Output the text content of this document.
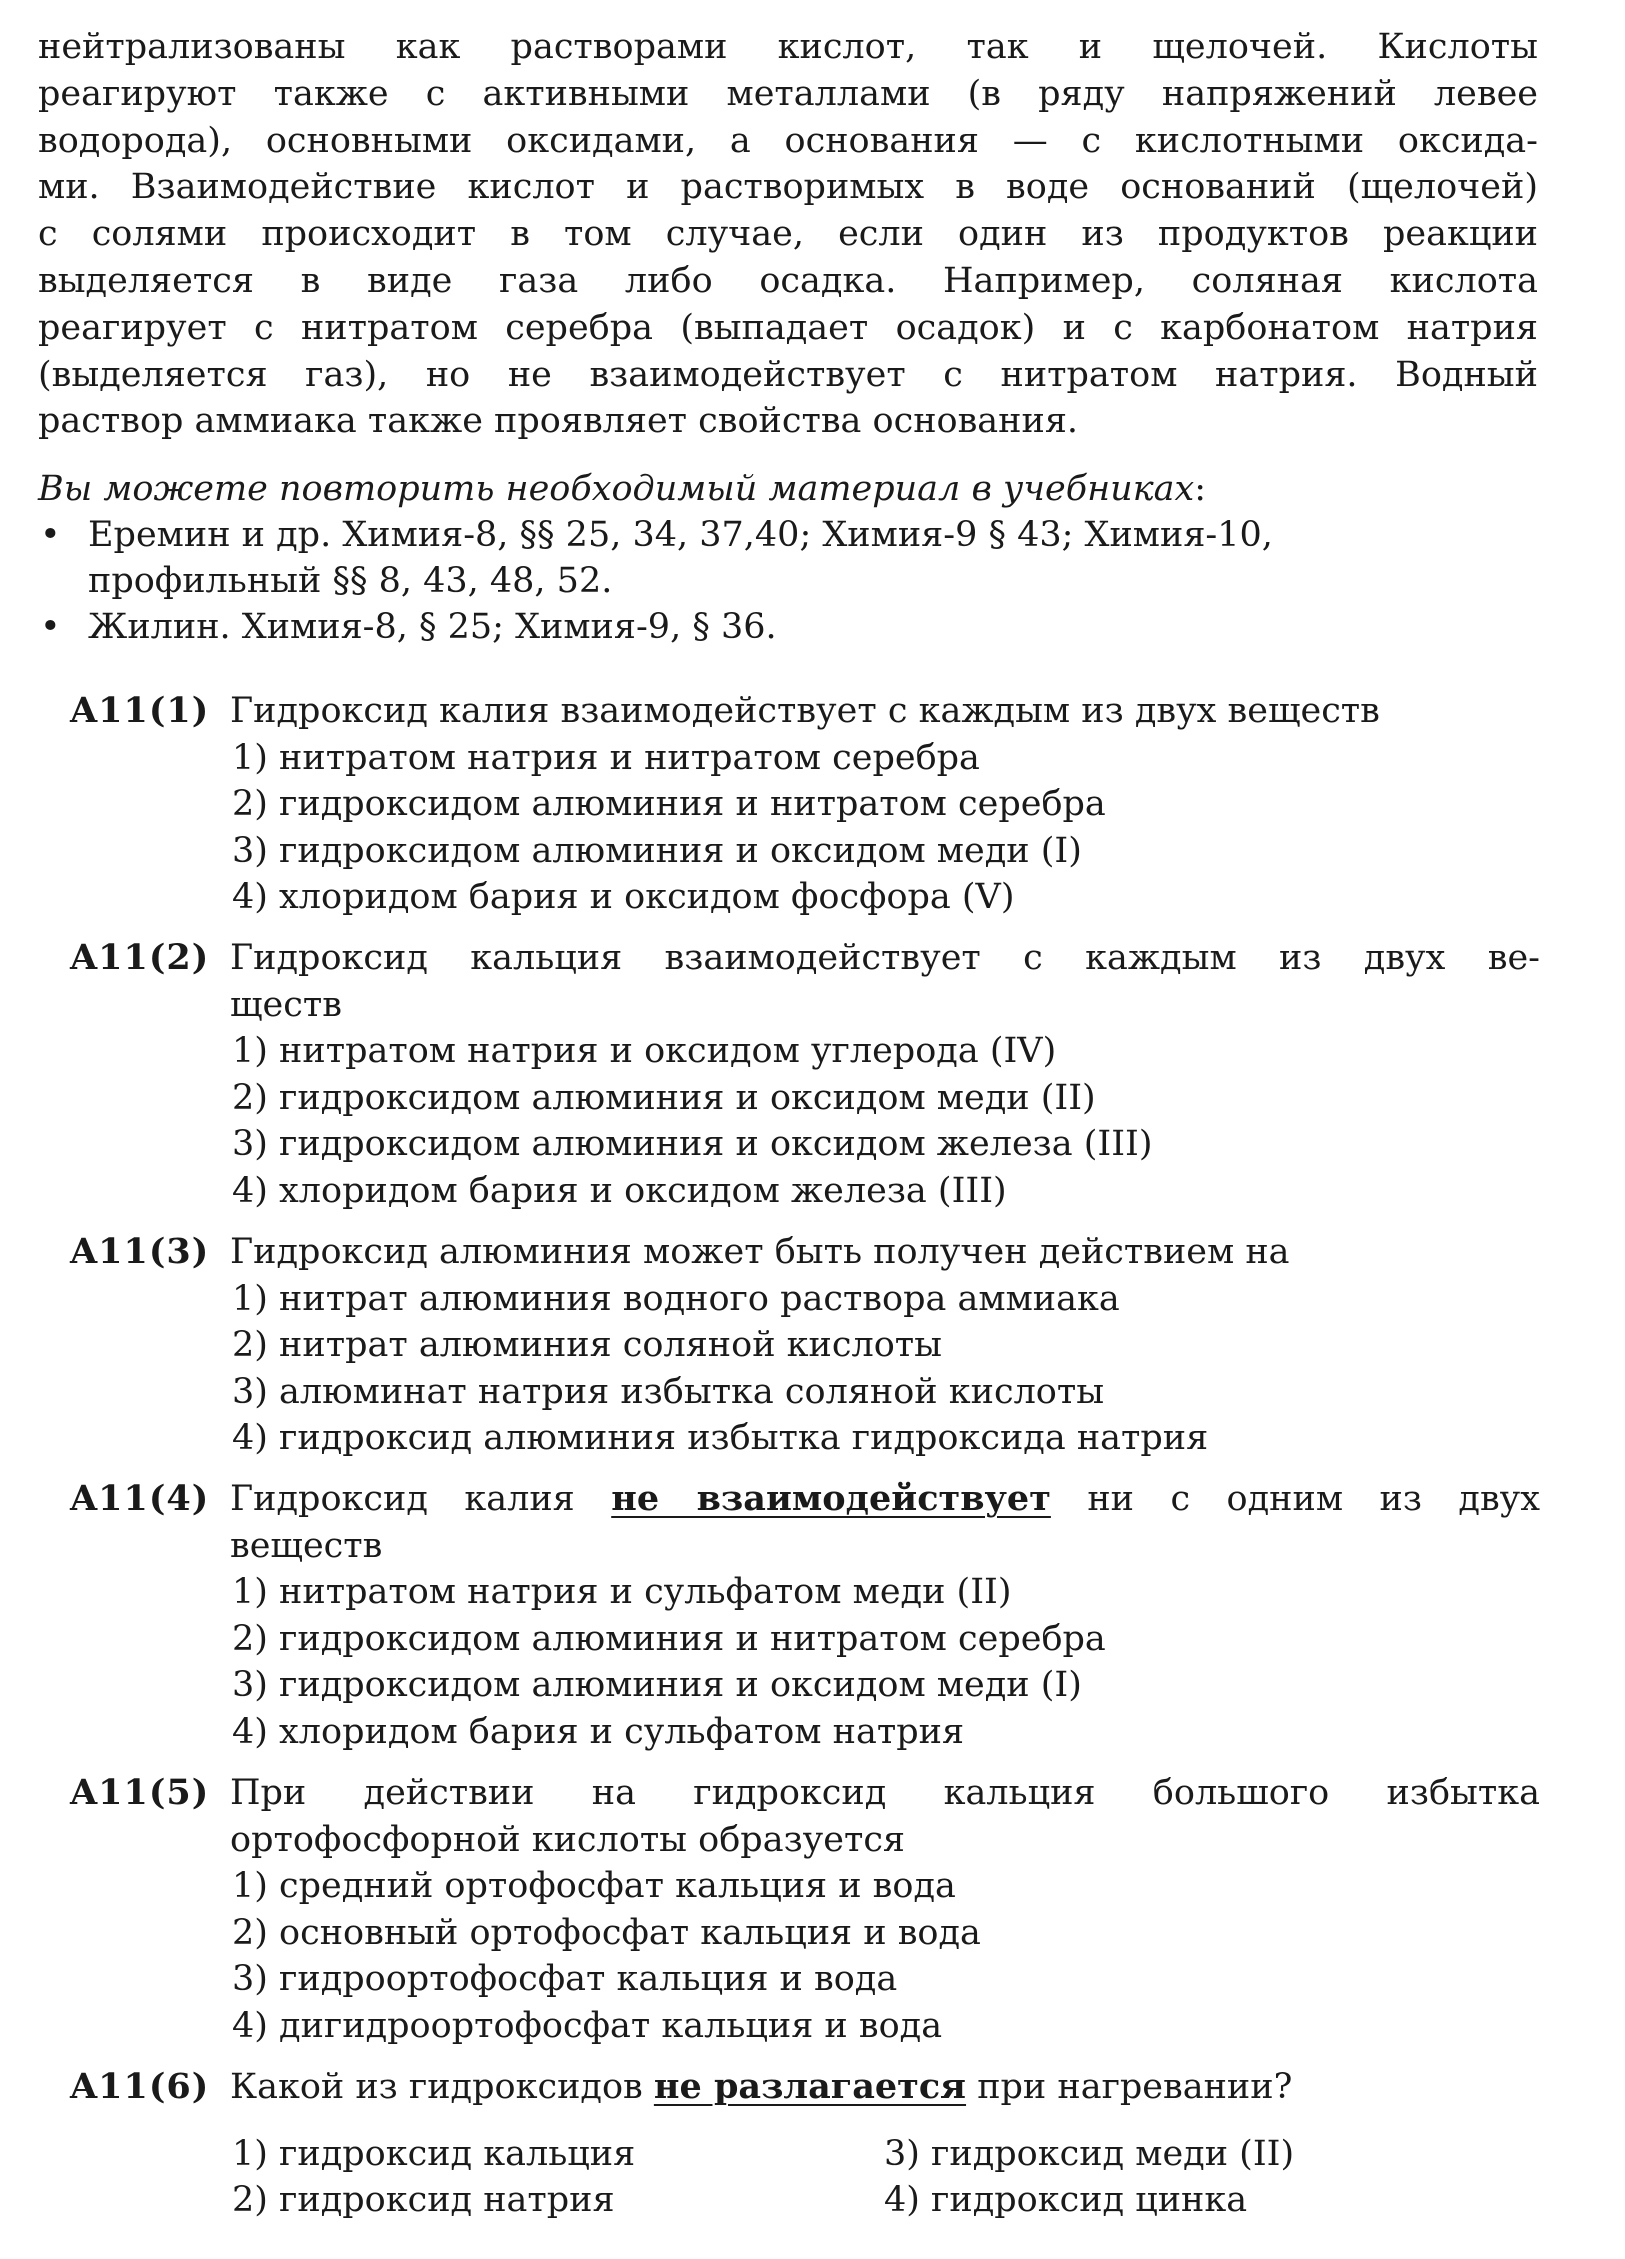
нейтрализованы как растворами кислот, так и щелочей. Кислоты
реагируют также с активными металлами (в ряду напряжений левее
водорода), основными оксидами, а основания — с кислотными оксида-
ми. Взаимодействие кислот и растворимых в воде оснований (щелочей)
с солями происходит в том случае, если один из продуктов реакции
выделяется в виде газа либо осадка. Например, соляная кислота
реагирует с нитратом серебра (выпадает осадок) и с карбонатом натрия
(выделяется газ), но не взаимодействует с нитратом натрия. Водный
раствор аммиака также проявляет свойства основания.
Вы можете повторить необходимый материал в учебниках:
• Еремин и др. Химия-8, §§ 25, 34, 37,40; Химия-9 § 43; Химия-10,
профильный §§ 8, 43, 48, 52.
• Жилин. Химия-8, § 25; Химия-9, § 36.
A11(1) Гидроксид калия взаимодействует с каждым из двух веществ
1) нитратом натрия и нитратом серебра
2) гидроксидом алюминия и нитратом серебра
3) гидроксидом алюминия и оксидом меди (I)
4) хлоридом бария и оксидом фосфора (V)
A11(2) Гидроксид кальция взаимодействует с каждым из двух ве-
ществ
1) нитратом натрия и оксидом углерода (IV)
2) гидроксидом алюминия и оксидом меди (II)
3) гидроксидом алюминия и оксидом железа (III)
4) хлоридом бария и оксидом железа (III)
A11(3) Гидроксид алюминия может быть получен действием на
1) нитрат алюминия водного раствора аммиака
2) нитрат алюминия соляной кислоты
3) алюминат натрия избытка соляной кислоты
4) гидроксид алюминия избытка гидроксида натрия
A11(4) Гидроксид калия не взаимодействует ни с одним из двух
веществ
1) нитратом натрия и сульфатом меди (II)
2) гидроксидом алюминия и нитратом серебра
3) гидроксидом алюминия и оксидом меди (I)
4) хлоридом бария и сульфатом натрия
A11(5) При действии на гидроксид кальция большого избытка
ортофосфорной кислоты образуется
1) средний ортофосфат кальция и вода
2) основный ортофосфат кальция и вода
3) гидроортофосфат кальция и вода
4) дигидроортофосфат кальция и вода
A11(6) Какой из гидроксидов не разлагается при нагревании?
1) гидроксид кальция
2) гидроксид натрия
3) гидроксид меди (II)
4) гидроксид цинка
